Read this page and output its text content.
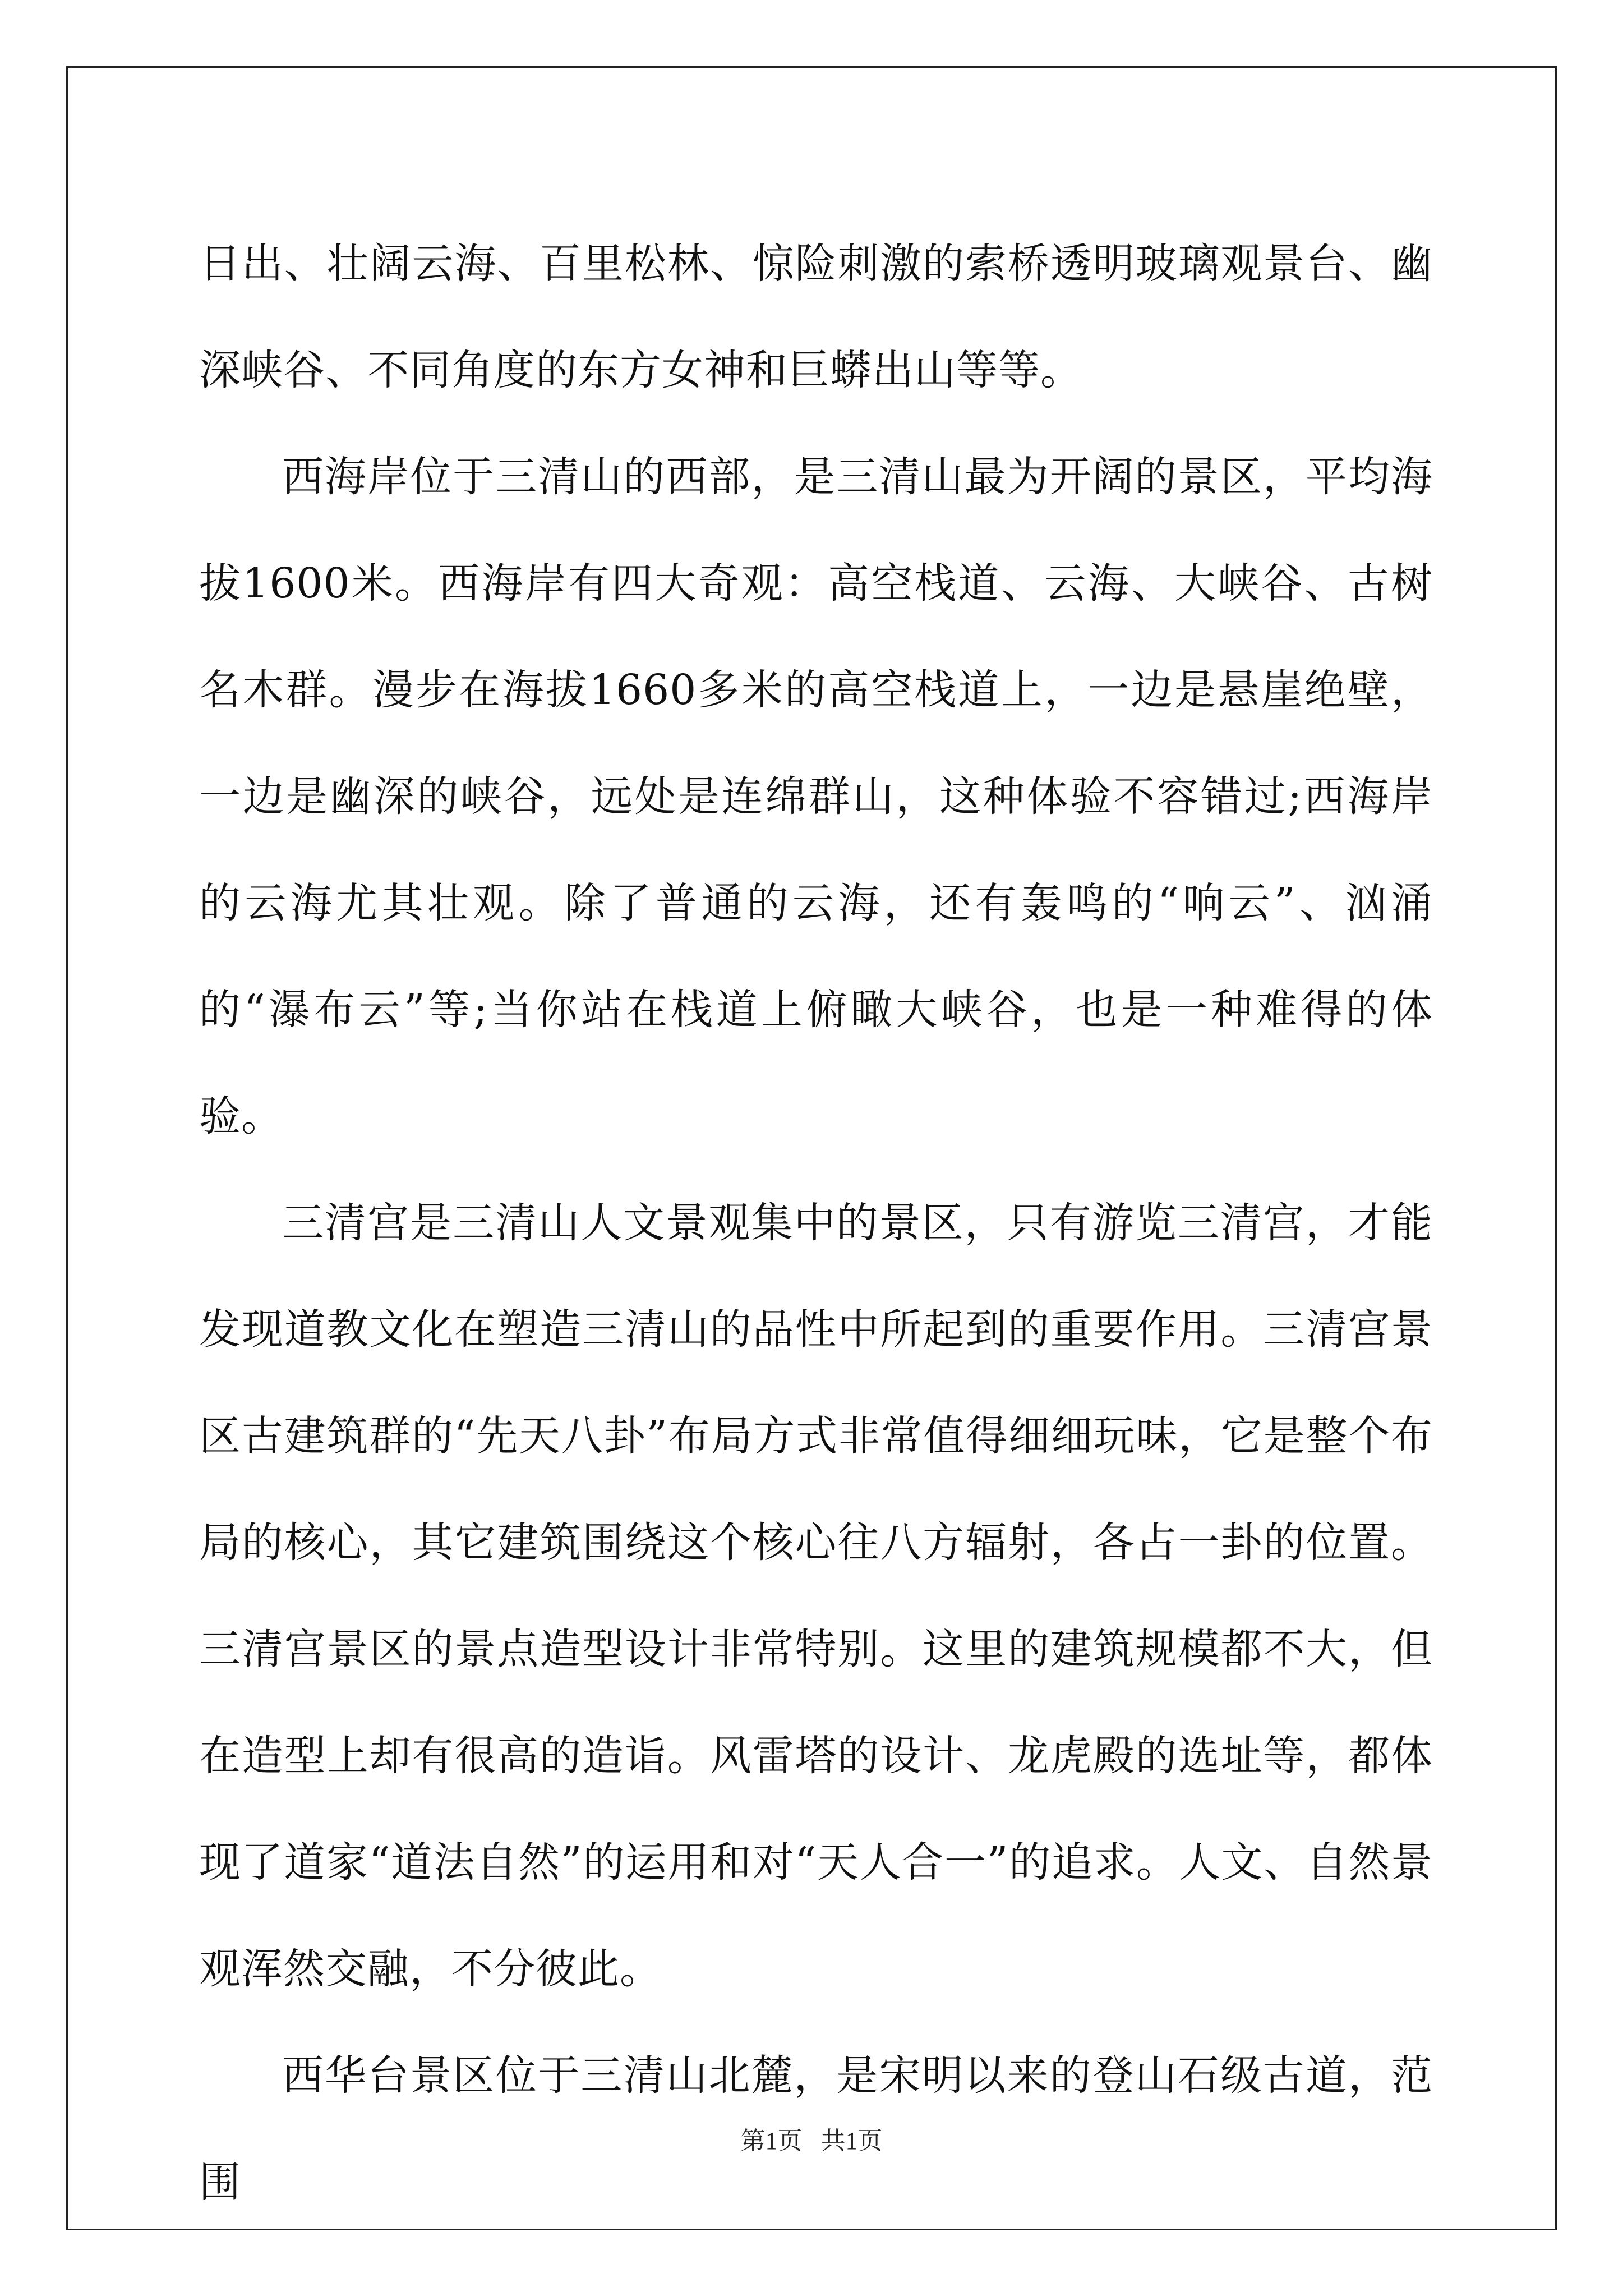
日出、壮阔云海、百里松林、惊险刺激的索桥透明玻璃观景台、幽深峡谷、不同角度的东方女神和巨蟒出山等等。

西海岸位于三清山的西部，是三清山最为开阔的景区，平均海拔1600米。西海岸有四大奇观：高空栈道、云海、大峡谷、古树名木群。漫步在海拔1660多米的高空栈道上，一边是悬崖绝壁，一边是幽深的峡谷，远处是连绵群山，这种体验不容错过;西海岸的云海尤其壮观。除了普通的云海，还有轰鸣的“响云”、汹涌的“瀑布云”等;当你站在栈道上俯瞰大峡谷，也是一种难得的体验。

三清宫是三清山人文景观集中的景区，只有游览三清宫，才能发现道教文化在塑造三清山的品性中所起到的重要作用。三清宫景区古建筑群的“先天八卦”布局方式非常值得细细玩味，它是整个布局的核心，其它建筑围绕这个核心往八方辐射，各占一卦的位置。三清宫景区的景点造型设计非常特别。这里的建筑规模都不大，但在造型上却有很高的造诣。风雷塔的设计、龙虎殿的选址等，都体现了道家“道法自然”的运用和对“天人合一”的追求。人文、自然景观浑然交融，不分彼此。

西华台景区位于三清山北麓，是宋明以来的登山石级古道，范围

第1页 共1页
